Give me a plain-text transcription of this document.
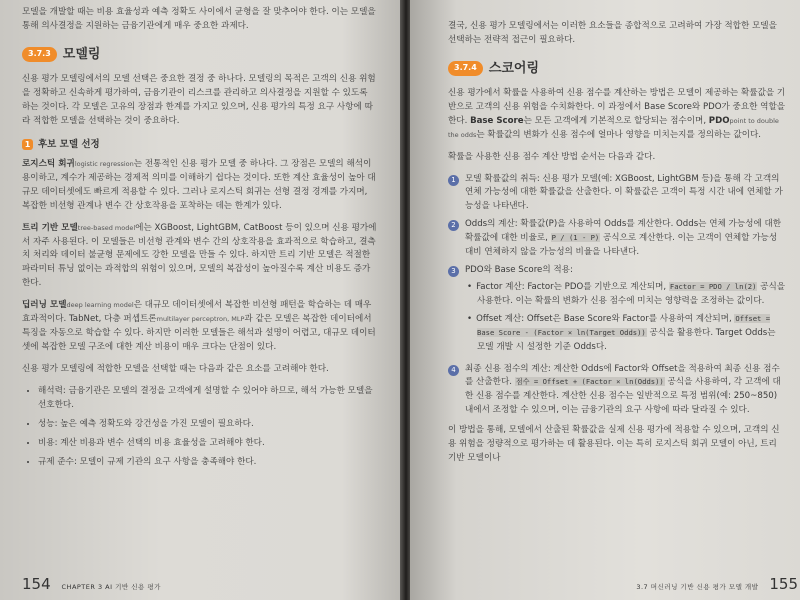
모델을 개발할 때는 비용 효율성과 예측 정확도 사이에서 균형을 잘 맞추어야 한다. 이는 모델을 통해 의사결정을 지원하는 금융기관에게 매우 중요한 과제다.

3.7.3 모델링

신용 평가 모델링에서의 모델 선택은 중요한 결정 중 하나다. 모델링의 목적은 고객의 신용 위험을 정확하고 신속하게 평가하여, 금융기관이 리스크를 관리하고 의사결정을 지원할 수 있도록 하는 것이다. 각 모델은 고유의 장점과 한계를 가지고 있으며, 신용 평가의 특정 요구 사항에 따라 적합한 모델을 선택하는 것이 중요하다.

1 후보 모델 선정

로지스틱 회귀logistic regression는 전통적인 신용 평가 모델 중 하나다. 그 장점은 모델의 해석이 용이하고, 계수가 제공하는 경제적 의미를 이해하기 쉽다는 것이다. 또한 계산 효율성이 높아 대규모 데이터셋에도 빠르게 적용할 수 있다. 그러나 로지스틱 회귀는 선형 결정 경계를 가지며, 복잡한 비선형 관계나 변수 간 상호작용을 포착하는 데는 한계가 있다.

트리 기반 모델tree-based model에는 XGBoost, LightGBM, CatBoost 등이 있으며 신용 평가에서 자주 사용된다. 이 모델들은 비선형 관계와 변수 간의 상호작용을 효과적으로 학습하고, 결측치 처리와 데이터 불균형 문제에도 강한 모델을 만들 수 있다. 하지만 트리 기반 모델은 적절한 파라미터 튜닝 없이는 과적합의 위험이 있으며, 모델의 복잡성이 높아질수록 계산 비용도 증가한다.

딥러닝 모델deep learning model은 대규모 데이터셋에서 복잡한 비선형 패턴을 학습하는 데 매우 효과적이다. TabNet, 다층 퍼셉트론multilayer perceptron, MLP과 같은 모델은 복잡한 데이터에서 특징을 자동으로 학습할 수 있다. 하지만 이러한 모델들은 해석과 설명이 어렵고, 대규모 데이터셋에 복잡한 모델 구조에 대한 계산 비용이 매우 크다는 단점이 있다.

신용 평가 모델링에 적합한 모델을 선택할 때는 다음과 같은 요소를 고려해야 한다.

• 해석력: 금융기관은 모델의 결정을 고객에게 설명할 수 있어야 하므로, 해석 가능한 모델을 선호한다.
• 성능: 높은 예측 정확도와 강건성을 가진 모델이 필요하다.
• 비용: 계산 비용과 변수 선택의 비용 효율성을 고려해야 한다.
• 규제 준수: 모델이 규제 기관의 요구 사항을 충족해야 한다.
154 CHAPTER 3 AI 기반 신용 평가

결국, 신용 평가 모델링에서는 이러한 요소들을 종합적으로 고려하여 가장 적합한 모델을 선택하는 전략적 접근이 필요하다.

3.7.4 스코어링

신용 평가에서 확률을 사용하여 신용 점수를 계산하는 방법은 모델이 제공하는 확률값을 기반으로 고객의 신용 위험을 수치화한다. 이 과정에서 Base Score와 PDO가 중요한 역할을 한다. Base Score는 모든 고객에게 기본적으로 할당되는 점수이며, PDOpoint to double the odds는 확률값의 변화가 신용 점수에 얼마나 영향을 미치는지를 정의하는 값이다.

확률을 사용한 신용 점수 계산 방법 순서는 다음과 같다.

1	모델 확률값의 취득: 신용 평가 모델(예: XGBoost, LightGBM 등)을 통해 각 고객의 연체 가능성에 대한 확률값을 산출한다. 이 확률값은 고객이 특정 시간 내에 연체할 가능성을 나타낸다.
2	Odds의 계산: 확률값(P)을 사용하여 Odds를 계산한다. Odds는 연체 가능성에 대한 확률값에 대한 비율로, P / (1 - P) 공식으로 계산한다. 이는 고객이 연체할 가능성 대비 연체하지 않을 가능성의 비율을 나타낸다.
3	PDO와 Base Score의 적용:
• Factor 계산: Factor는 PDO를 기반으로 계산되며, Factor = PDO / ln(2) 공식을 사용한다. 이는 확률의 변화가 신용 점수에 미치는 영향력을 조정하는 값이다.
• Offset 계산: Offset은 Base Score와 Factor를 사용하여 계산되며, Offset = Base Score - (Factor × ln(Target Odds)) 공식을 활용한다. Target Odds는 모델 개발 시 설정한 기준 Odds다.
4	최종 신용 점수의 계산: 계산한 Odds에 Factor와 Offset을 적용하여 최종 신용 점수를 산출한다. 점수 = Offset + (Factor × ln(Odds)) 공식을 사용하여, 각 고객에 대한 신용 점수를 계산한다. 계산한 신용 점수는 일반적으로 특정 범위(예: 250~850) 내에서 조정할 수 있으며, 이는 금융기관의 요구 사항에 따라 달라질 수 있다.

이 방법을 통해, 모델에서 산출된 확률값을 실제 신용 평가에 적용할 수 있으며, 고객의 신용 위험을 정량적으로 평가하는 데 활용된다. 이는 특히 로지스틱 회귀 모델이 아닌, 트리 기반 모델이나

3.7 머신러닝 기반 신용 평가 모델 개발 155
